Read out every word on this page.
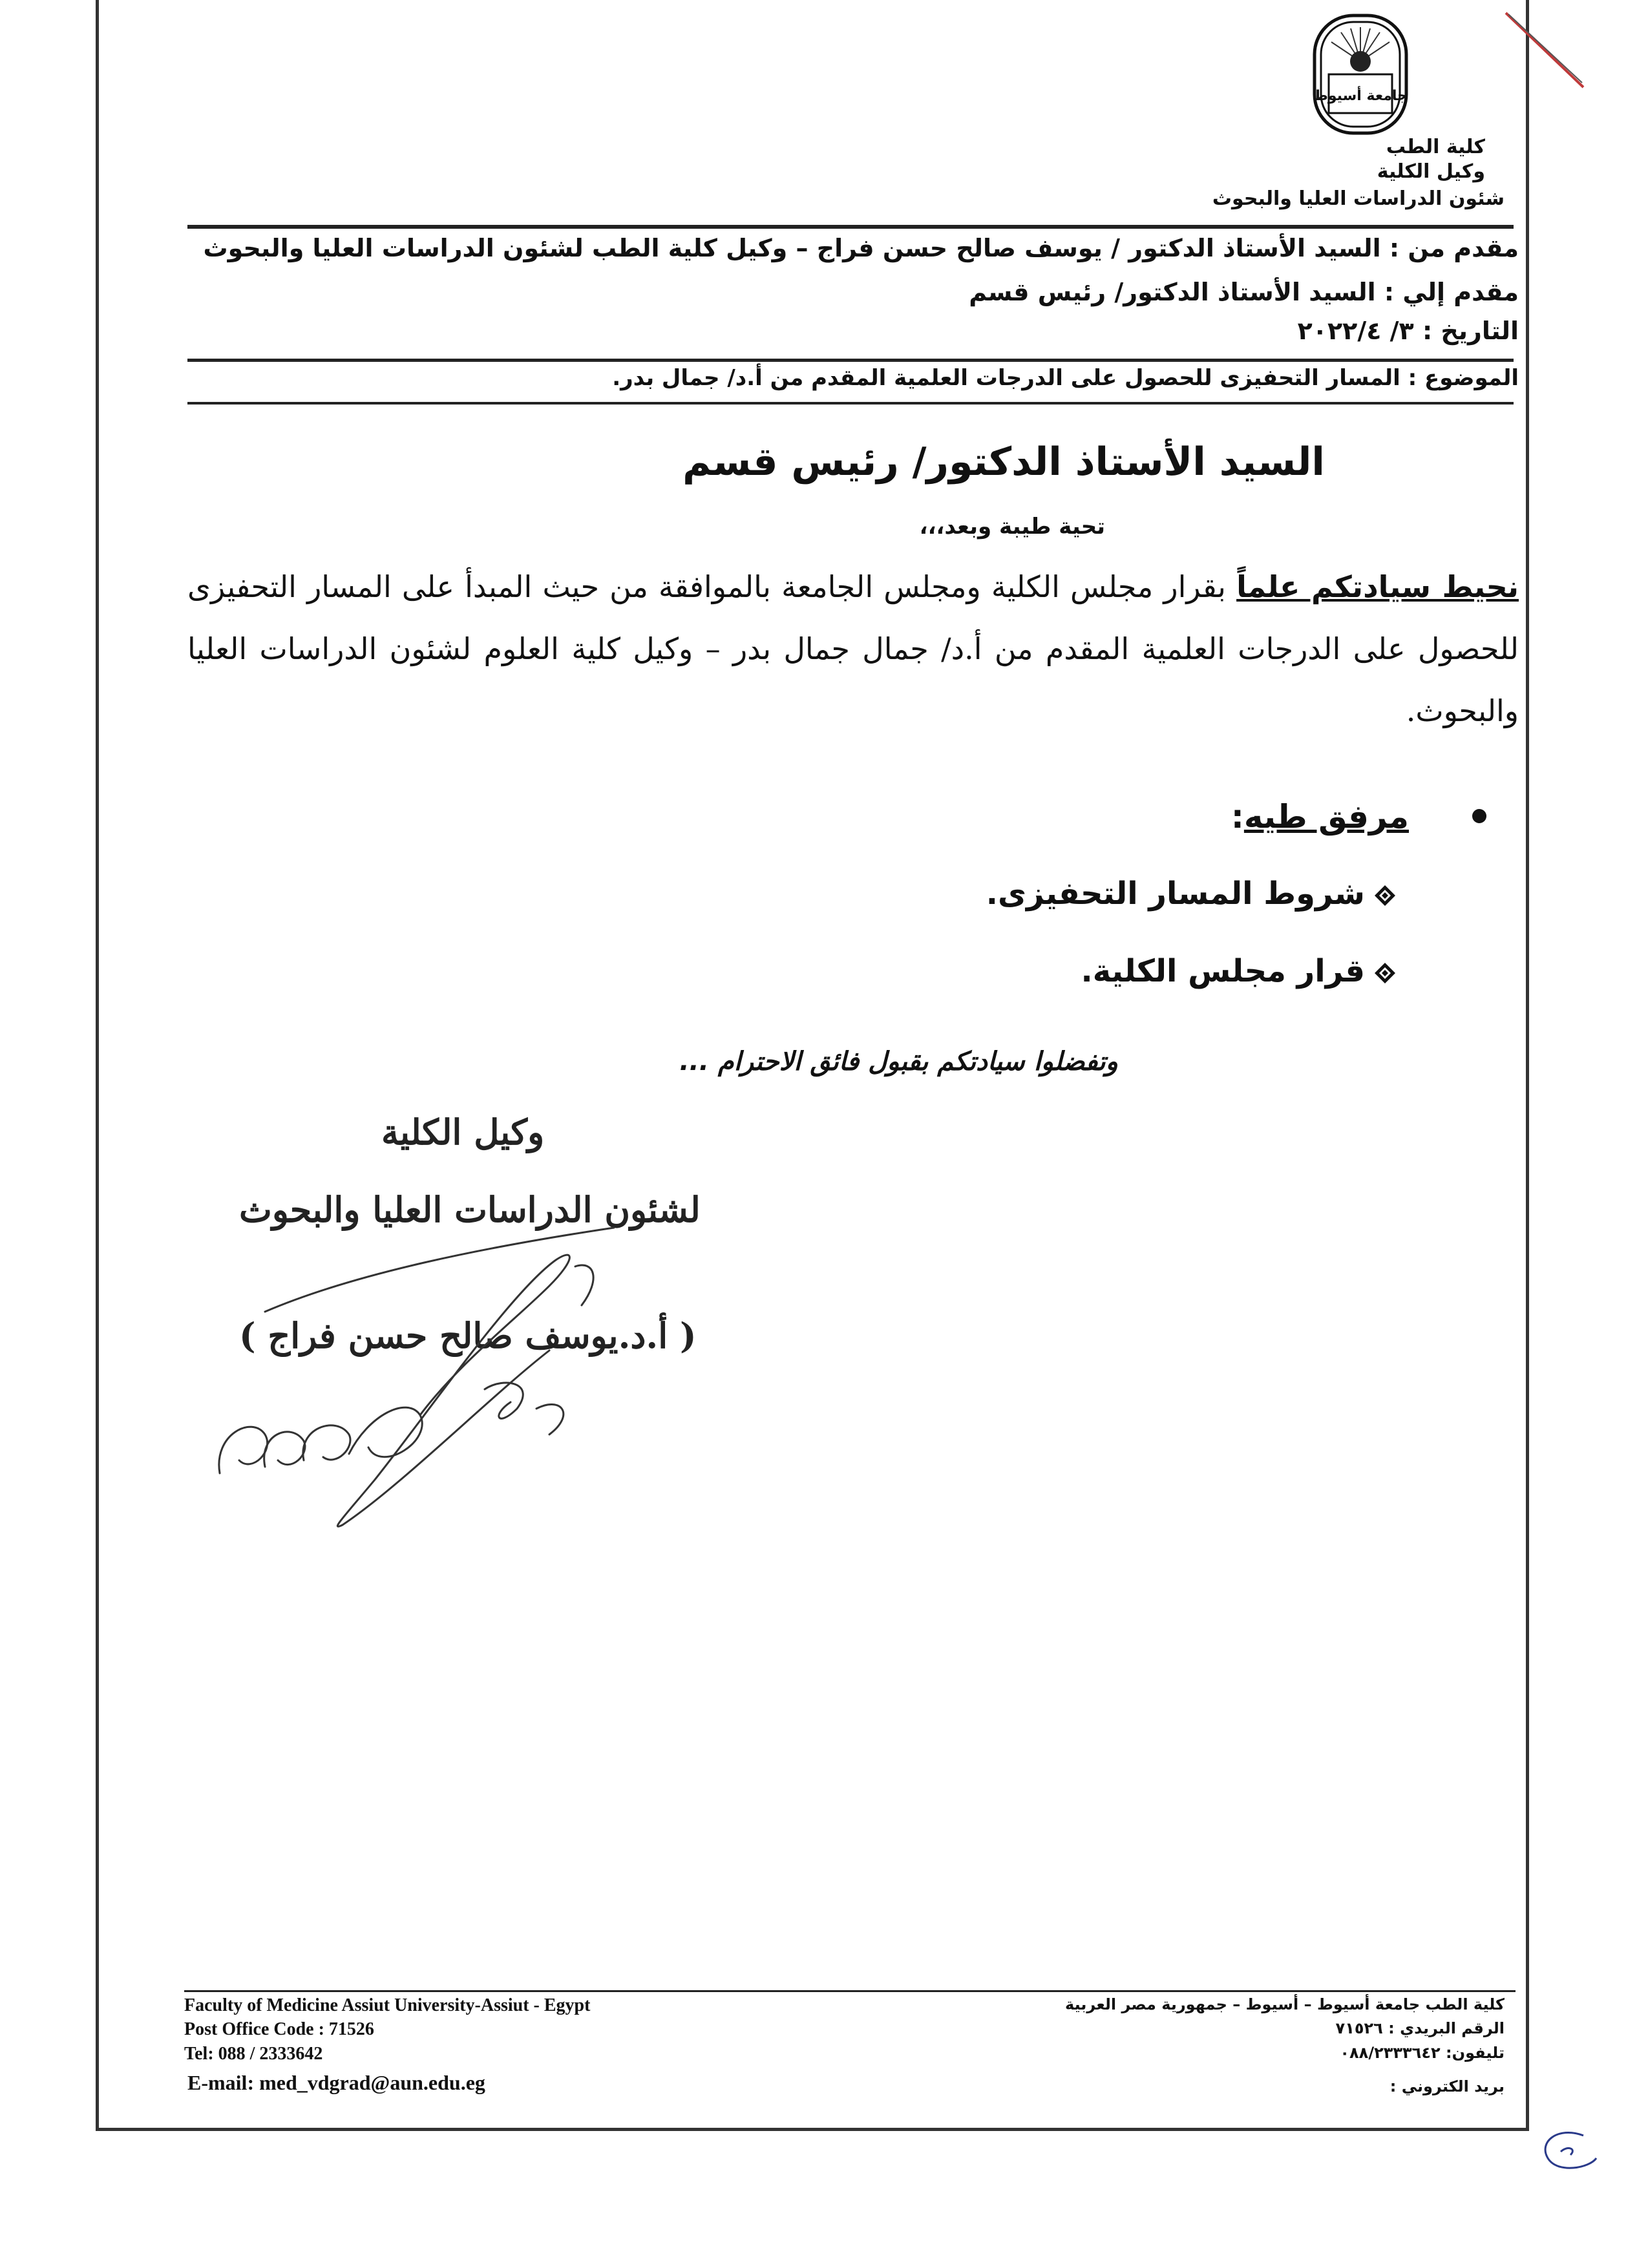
جامعة أسيوط
كلية الطب
وكيل الكلية
شئون الدراسات العليا والبحوث
مقدم من : السيد الأستاذ الدكتور / يوسف صالح حسن فراج – وكيل كلية الطب لشئون الدراسات العليا والبحوث
مقدم إلي : السيد الأستاذ الدكتور/ رئيس قسم
التاريخ : ٣/ ٢٠٢٢/٤
الموضوع : المسار التحفيزى للحصول على الدرجات العلمية المقدم من أ.د/ جمال بدر.
السيد الأستاذ الدكتور/ رئيس قسم
تحية طيبة وبعد،،،
نحيط سيادتكم علماً بقرار مجلس الكلية ومجلس الجامعة بالموافقة من حيث المبدأ على المسار التحفيزى للحصول على الدرجات العلمية المقدم من أ.د/ جمال جمال بدر – وكيل كلية العلوم لشئون الدراسات العليا والبحوث.
مرفق طيه:
شروط المسار التحفيزى.
قرار مجلس الكلية.
وتفضلوا سيادتكم بقبول فائق الاحترام ...
وكيل الكلية
لشئون الدراسات العليا والبحوث
( أ.د.يوسف صالح حسن فراج )
Faculty of Medicine Assiut University-Assiut - Egypt
Post Office Code : 71526
Tel: 088 / 2333642
E-mail: med_vdgrad@aun.edu.eg
كلية الطب جامعة أسيوط – أسيوط – جمهورية مصر العربية
الرقم البريدي : ٧١٥٢٦
تليفون: ٠٨٨/٢٣٣٣٦٤٢
بريد الكتروني :
